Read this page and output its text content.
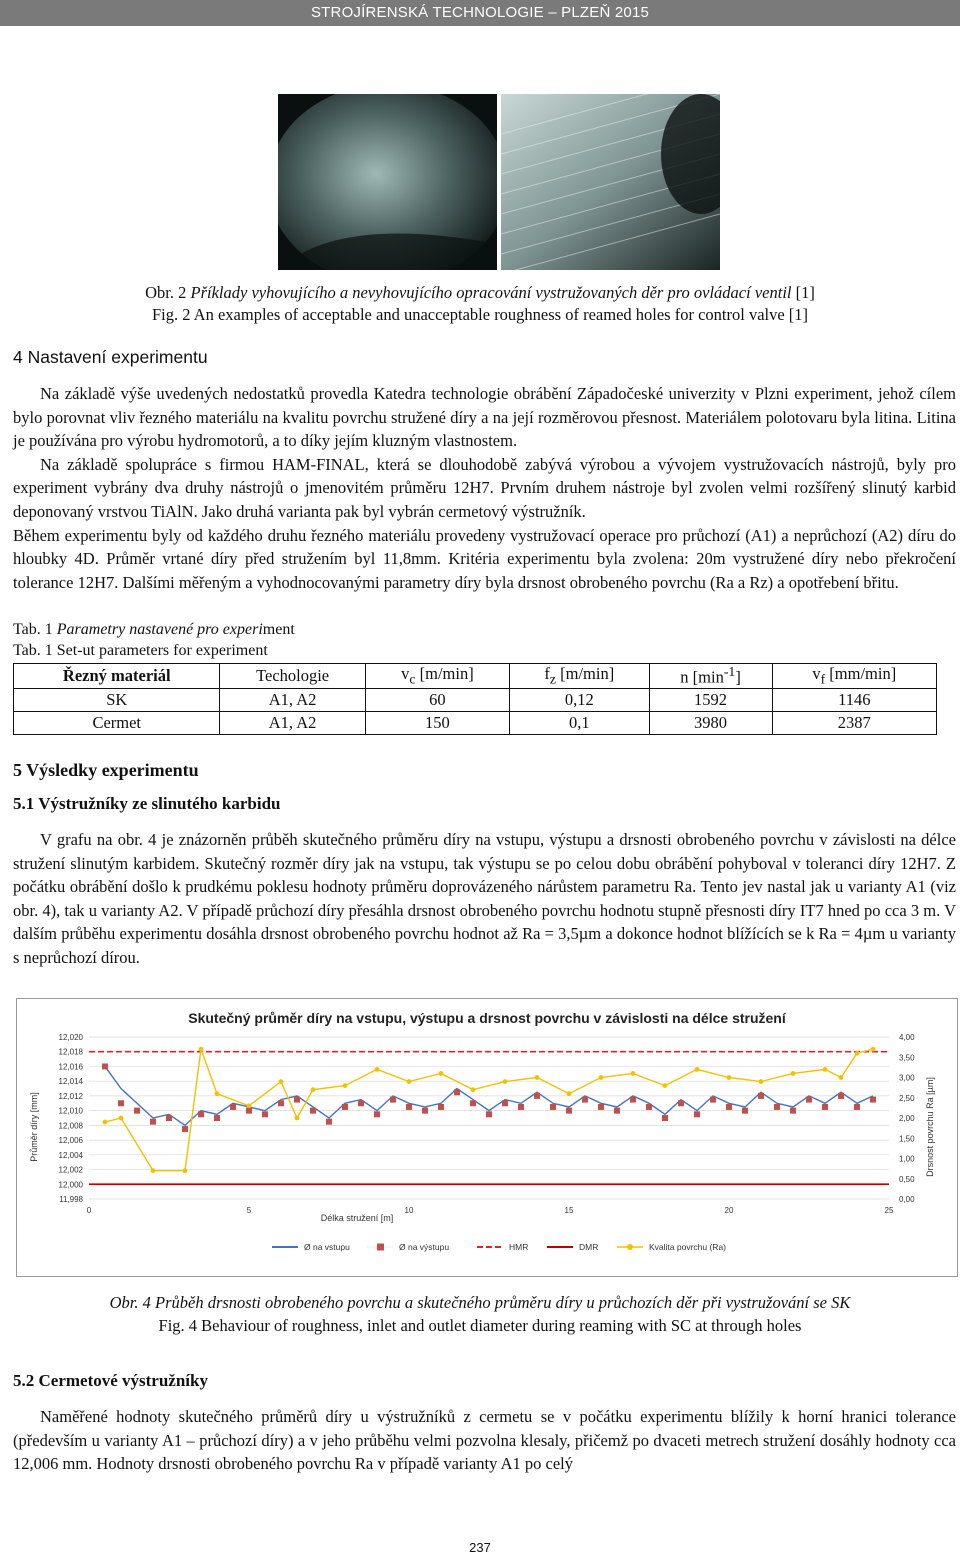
STROJÍRENSKÁ TECHNOLOGIE – PLZEŇ 2015
Obr. 2 Příklady vyhovujícího a nevyhovujícího opracování vystružovaných děr pro ovládací ventil [1]
Fig. 2 An examples of acceptable and unacceptable roughness of reamed holes for control valve [1]
4 Nastavení experimentu

Na základě výše uvedených nedostatků provedla Katedra technologie obrábění Západočeské univerzity v Plzni experiment, jehož cílem bylo porovnat vliv řezného materiálu na kvalitu povrchu stružené díry a na její rozměrovou přesnost. Materiálem polotovaru byla litina. Litina je používána pro výrobu hydromotorů, a to díky jejím kluzným vlastnostem.

Na základě spolupráce s firmou HAM-FINAL, která se dlouhodobě zabývá výrobou a vývojem vystružovacích nástrojů, byly pro experiment vybrány dva druhy nástrojů o jmenovitém průměru 12H7. Prvním druhem nástroje byl zvolen velmi rozšířený slinutý karbid deponovaný vrstvou TiAlN. Jako druhá varianta pak byl vybrán cermetový výstružník.

Během experimentu byly od každého druhu řezného materiálu provedeny vystružovací operace pro průchozí (A1) a neprůchozí (A2) díru do hloubky 4D. Průměr vrtané díry před stružením byl 11,8mm. Kritéria experimentu byla zvolena: 20m vystružené díry nebo překročení tolerance 12H7. Dalšími měřeným a vyhodnocovanými parametry díry byla drsnost obrobeného povrchu (Ra a Rz) a opotřebení břitu.

Tab. 1 Parametry nastavené pro experiment
Tab. 1 Set-ut parameters for experiment
Řezný materiál	Techologie	$v_c$ [m/min]	$f_z$ [m/min]	n $[\min^{-1}]$	$v_f$ [mm/min]
SK	A1, A2	60	0,12	1592	1146
Cermet	A1, A2	150	0,1	3980	2387
5 Výsledky experimentu
5.1 Výstružníky ze slinutého karbidu

V grafu na obr. 4 je znázorněn průběh skutečného průměru díry na vstupu, výstupu a drsnosti obrobeného povrchu v závislosti na délce stružení slinutým karbidem. Skutečný rozměr díry jak na vstupu, tak výstupu se po celou dobu obrábění pohyboval v toleranci díry 12H7. Z počátku obrábění došlo k prudkému poklesu hodnoty průměru doprovázeného nárůstem parametru Ra. Tento jev nastal jak u varianty A1 (viz obr. 4), tak u varianty A2. V případě průchozí díry přesáhla drsnost obrobeného povrchu hodnotu stupně přesnosti díry IT7 hned po cca 3 m. V dalším průběhu experimentu dosáhla drsnost obrobeného povrchu hodnot až Ra = 3,5µm a dokonce hodnot blížících se k Ra = 4µm u varianty s neprůchozí dírou.

Skutečný průměr díry na vstupu, výstupu a drsnost povrchu v závislosti na délce stružení
11,998
12,000
12,002
12,004
12,006
12,008
12,010
12,012
12,014
12,016
12,018
12,020
0,00
0,50
1,00
1,50
2,00
2,50
3,00
3,50
4,00
0	5	10	15	20	25
Délka stružení [m]
Průměr díry [mm]	Drsnost povrchu Ra [µm]
Ø na vstupu	Ø na výstupu	HMR	DMR	Kvalita povrchu (Ra)
Obr. 4 Průběh drsnosti obrobeného povrchu a skutečného průměru díry u průchozích děr při vystružování se SK
Fig. 4 Behaviour of roughness, inlet and outlet diameter during reaming with SC at through holes
5.2 Cermetové výstružníky

Naměřené hodnoty skutečného průměrů díry u výstružníků z cermetu se v počátku experimentu blížily k horní hranici tolerance (především u varianty A1 – průchozí díry) a v jeho průběhu velmi pozvolna klesaly, přičemž po dvaceti metrech stružení dosáhly hodnoty cca 12,006 mm. Hodnoty drsnosti obrobeného povrchu Ra v případě varianty A1 po celý

237
